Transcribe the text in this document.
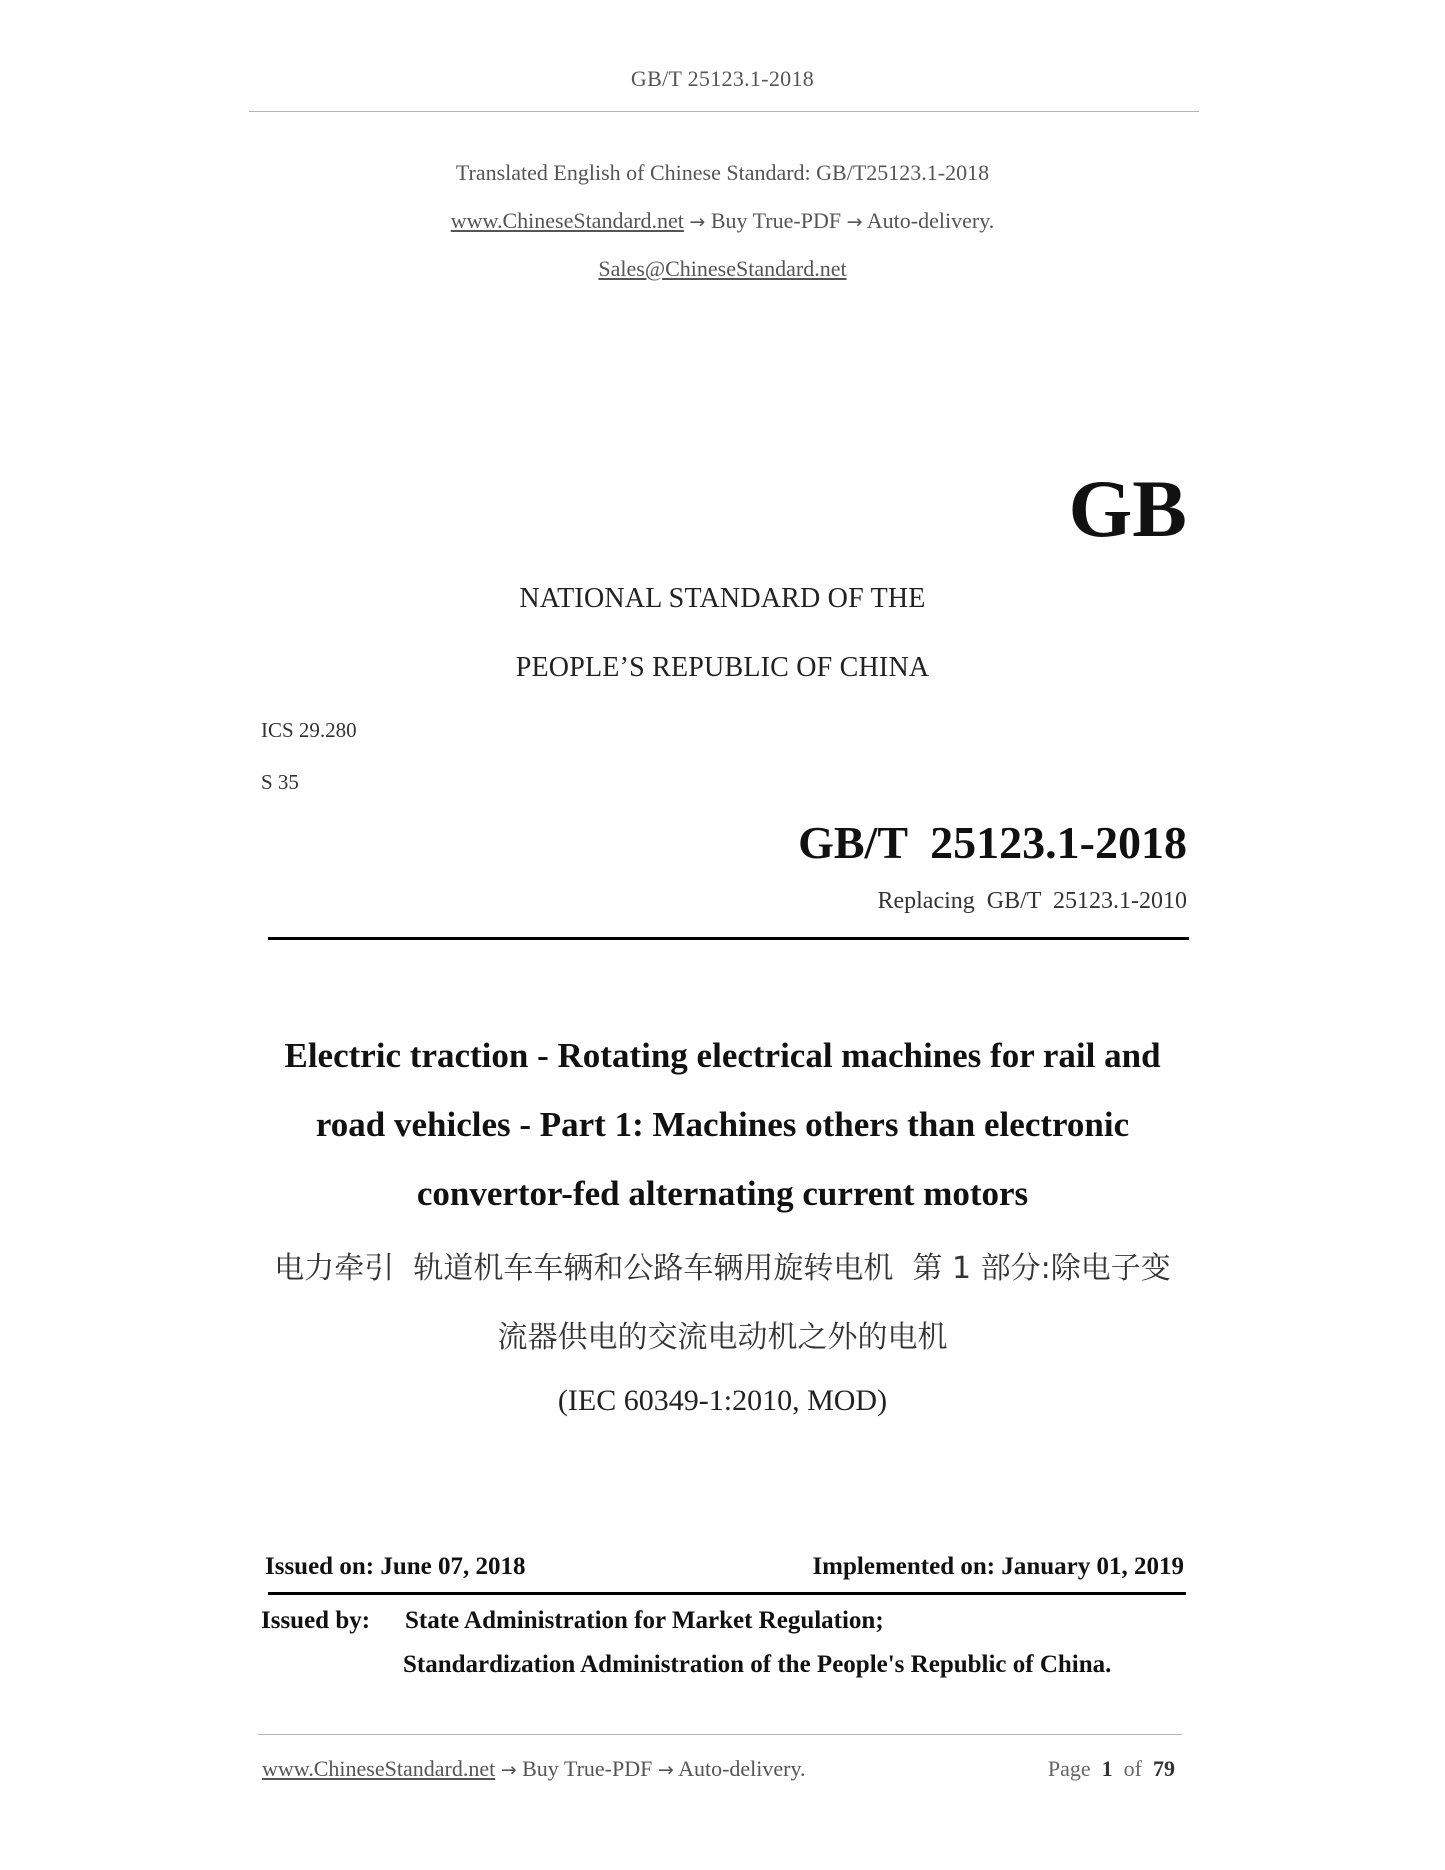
GB/T 25123.1-2018
Translated English of Chinese Standard: GB/T25123.1-2018
www.ChineseStandard.net → Buy True-PDF → Auto-delivery.
Sales@ChineseStandard.net
GB
NATIONAL STANDARD OF THE
PEOPLE’S REPUBLIC OF CHINA
ICS 29.280
S 35
GB/T  25123.1-2018
Replacing  GB/T  25123.1-2010
Electric traction - Rotating electrical machines for rail and
road vehicles - Part 1: Machines others than electronic
convertor-fed alternating current motors
电力牵引  轨道机车车辆和公路车辆用旋转电机  第 1 部分:除电子变
流器供电的交流电动机之外的电机
(IEC 60349-1:2010, MOD)
Issued on: June 07, 2018	Implemented on: January 01, 2019
Issued by: State Administration for Market Regulation;
Standardization Administration of the People's Republic of China.
www.ChineseStandard.net → Buy True-PDF → Auto-delivery.	Page 1 of 79
